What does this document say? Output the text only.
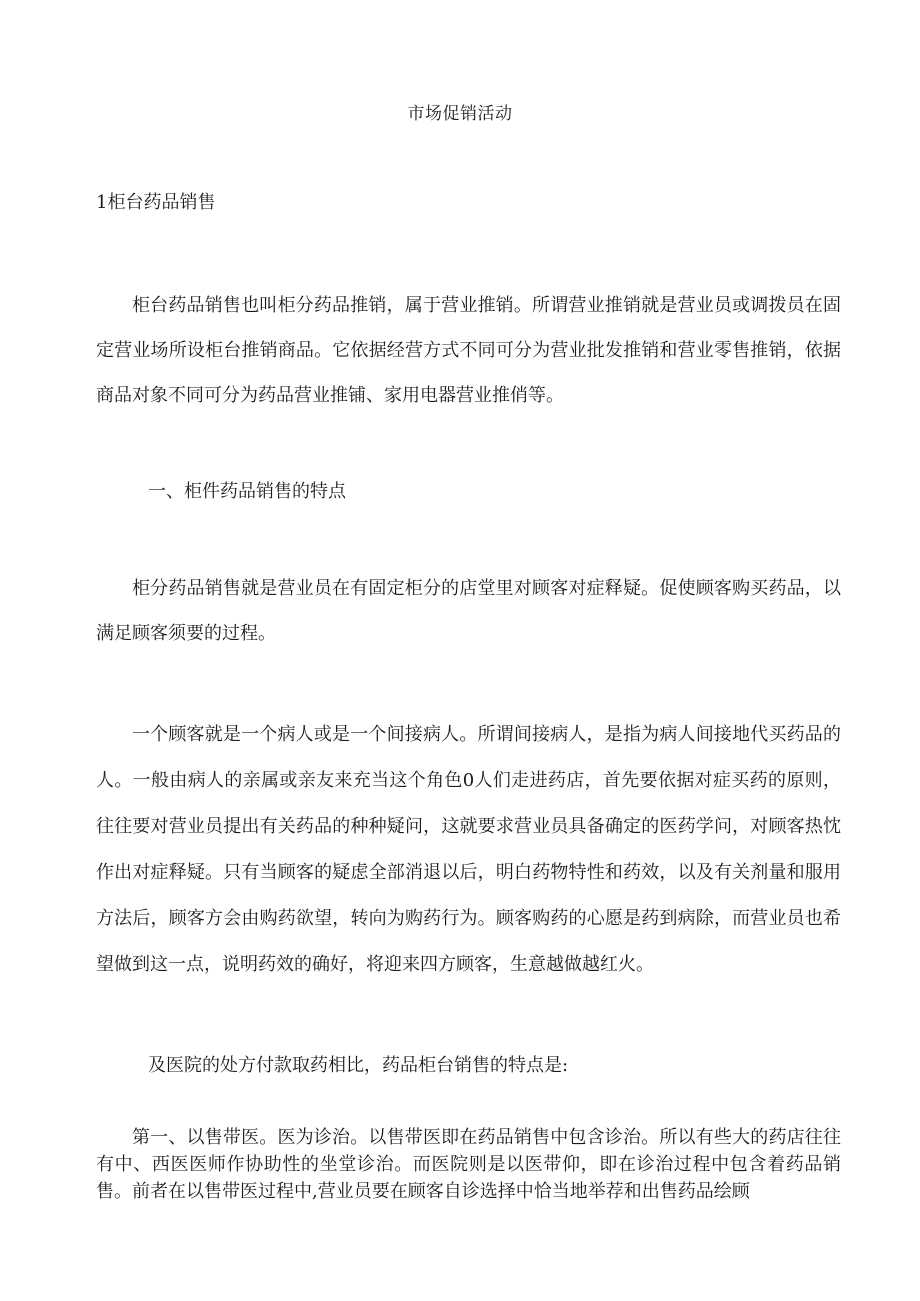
市场促销活动
1柜台药品销售

柜台药品销售也叫柜分药品推销，属于营业推销。所谓营业推销就是营业员或调拨员在固定营业场所设柜台推销商品。它依据经营方式不同可分为营业批发推销和营业零售推销，依据商品对象不同可分为药品营业推铺、家用电器营业推俏等。

一、柜件药品销售的特点

柜分药品销售就是营业员在有固定柜分的店堂里对顾客对症释疑。促使顾客购买药品，以满足顾客须要的过程。

一个顾客就是一个病人或是一个间接病人。所谓间接病人，是指为病人间接地代买药品的人。一般由病人的亲属或亲友来充当这个角色0人们走进药店，首先要依据对症买药的原则，往往要对营业员提出有关药品的种种疑问，这就要求营业员具备确定的医药学问，对顾客热忱作出对症释疑。只有当顾客的疑虑全部消退以后，明白药物特性和药效，以及有关剂量和服用方法后，顾客方会由购药欲望，转向为购药行为。顾客购药的心愿是药到病除，而营业员也希望做到这一点，说明药效的确好，将迎来四方顾客，生意越做越红火。

及医院的处方付款取药相比，药品柜台销售的特点是:

第一、以售带医。医为诊治。以售带医即在药品销售中包含诊治。所以有些大的药店往往有中、西医医师作协助性的坐堂诊治。而医院则是以医带仰，即在诊治过程中包含着药品销售。前者在以售带医过程中,营业员要在顾客自诊选择中恰当地举荐和出售药品绘顾
